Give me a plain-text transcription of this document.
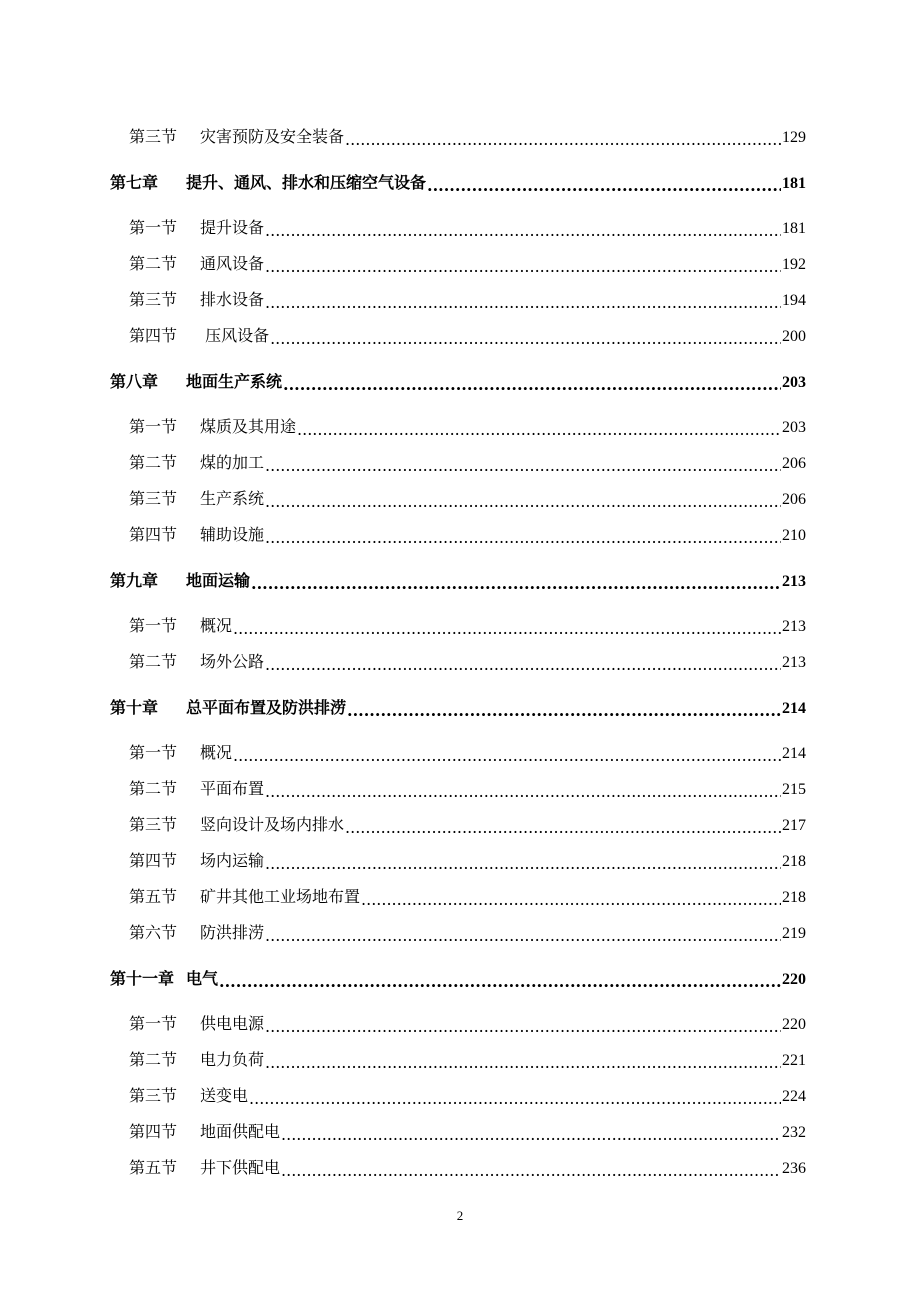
第三节	灾害预防及安全装备 .....	129
第七章	提升、通风、排水和压缩空气设备 .....	181
第一节	提升设备 .....	181
第二节	通风设备 .....	192
第三节	排水设备 .....	194
第四节	压风设备 .....	200
第八章	地面生产系统 .....	203
第一节	煤质及其用途 .....	203
第二节	煤的加工 .....	206
第三节	生产系统 .....	206
第四节	辅助设施 .....	210
第九章	地面运输 .....	213
第一节	概况 .....	213
第二节	场外公路 .....	213
第十章	总平面布置及防洪排涝 .....	214
第一节	概况 .....	214
第二节	平面布置 .....	215
第三节	竖向设计及场内排水 .....	217
第四节	场内运输 .....	218
第五节	矿井其他工业场地布置 .....	218
第六节	防洪排涝 .....	219
第十一章 电气 .....	220
第一节	供电电源 .....	220
第二节	电力负荷 .....	221
第三节	送变电 .....	224
第四节	地面供配电 .....	232
第五节	井下供配电 .....	236
2
